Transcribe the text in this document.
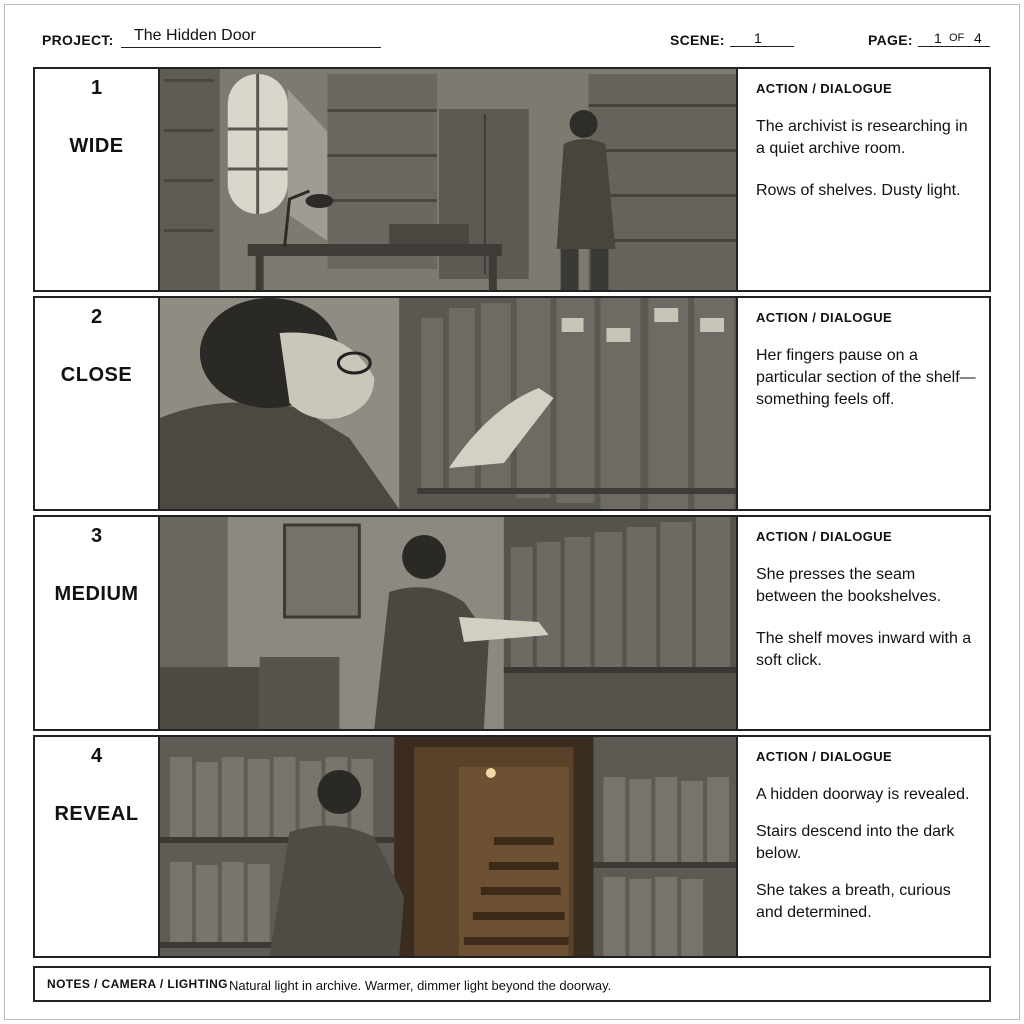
PROJECT: The Hidden Door	SCENE: 1	PAGE: 1 OF 4
1
WIDE
ACTION / DIALOGUE
The archivist is researching in a quiet archive room.
Rows of shelves. Dusty light.
2
CLOSE
ACTION / DIALOGUE
Her fingers pause on a particular section of the shelf—something feels off.
3
MEDIUM
ACTION / DIALOGUE
She presses the seam between the bookshelves.
The shelf moves inward with a soft click.
4
REVEAL
ACTION / DIALOGUE
A hidden doorway is revealed.
Stairs descend into the dark below.
She takes a breath, curious and determined.
NOTES / CAMERA / LIGHTING Natural light in archive. Warmer, dimmer light beyond the doorway.
